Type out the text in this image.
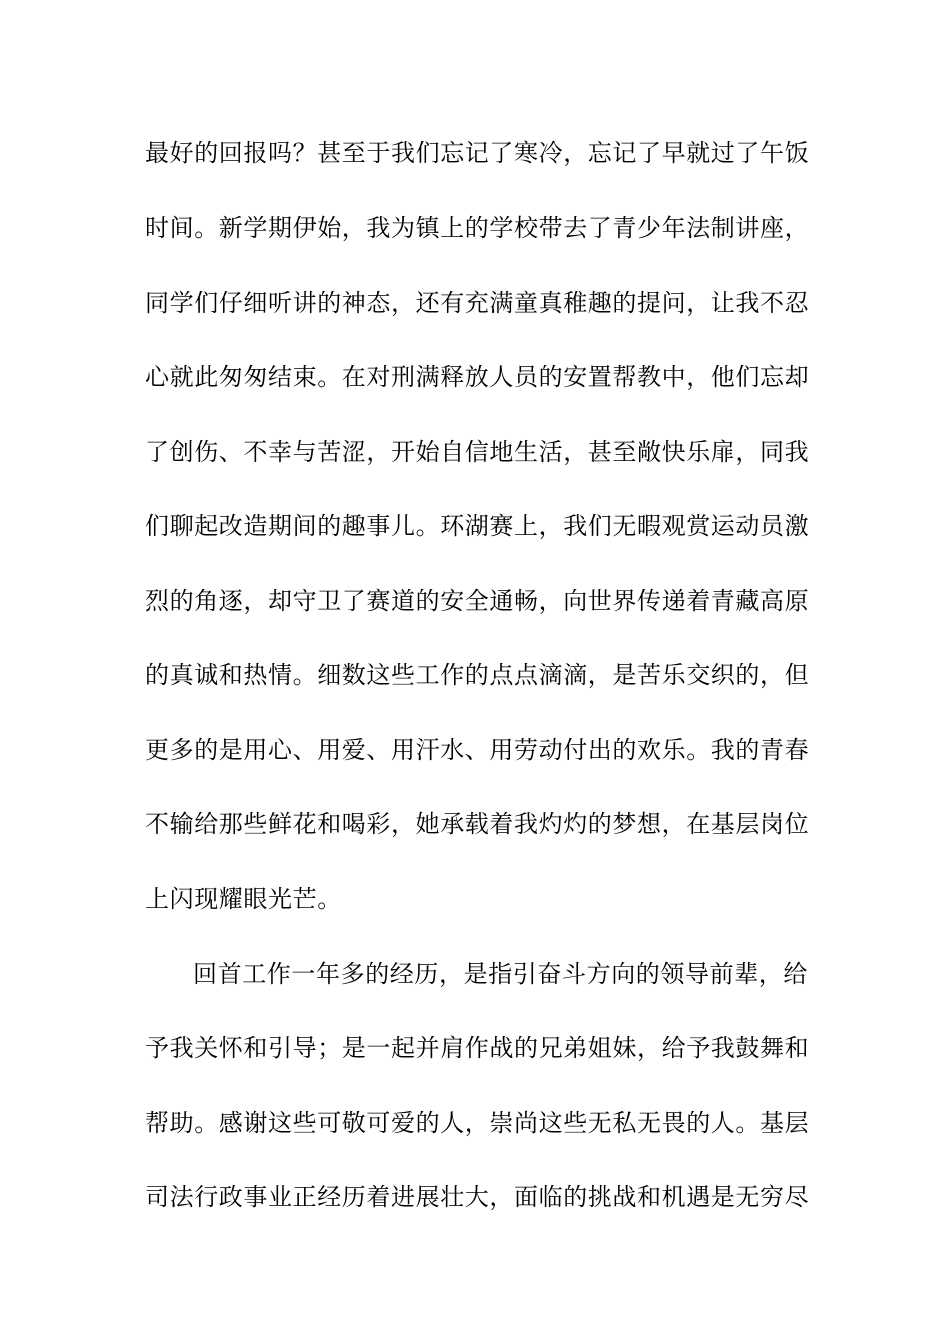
最好的回报吗？甚至于我们忘记了寒冷，忘记了早就过了午饭
时间。新学期伊始，我为镇上的学校带去了青少年法制讲座，
同学们仔细听讲的神态，还有充满童真稚趣的提问，让我不忍
心就此匆匆结束。在对刑满释放人员的安置帮教中，他们忘却
了创伤、不幸与苦涩，开始自信地生活，甚至敞快乐扉，同我
们聊起改造期间的趣事儿。环湖赛上，我们无暇观赏运动员激
烈的角逐，却守卫了赛道的安全通畅，向世界传递着青藏高原
的真诚和热情。细数这些工作的点点滴滴，是苦乐交织的，但
更多的是用心、用爱、用汗水、用劳动付出的欢乐。我的青春
不输给那些鲜花和喝彩，她承载着我灼灼的梦想，在基层岗位
上闪现耀眼光芒。
回首工作一年多的经历，是指引奋斗方向的领导前辈，给
予我关怀和引导；是一起并肩作战的兄弟姐妹，给予我鼓舞和
帮助。感谢这些可敬可爱的人，崇尚这些无私无畏的人。基层
司法行政事业正经历着进展壮大，面临的挑战和机遇是无穷尽
